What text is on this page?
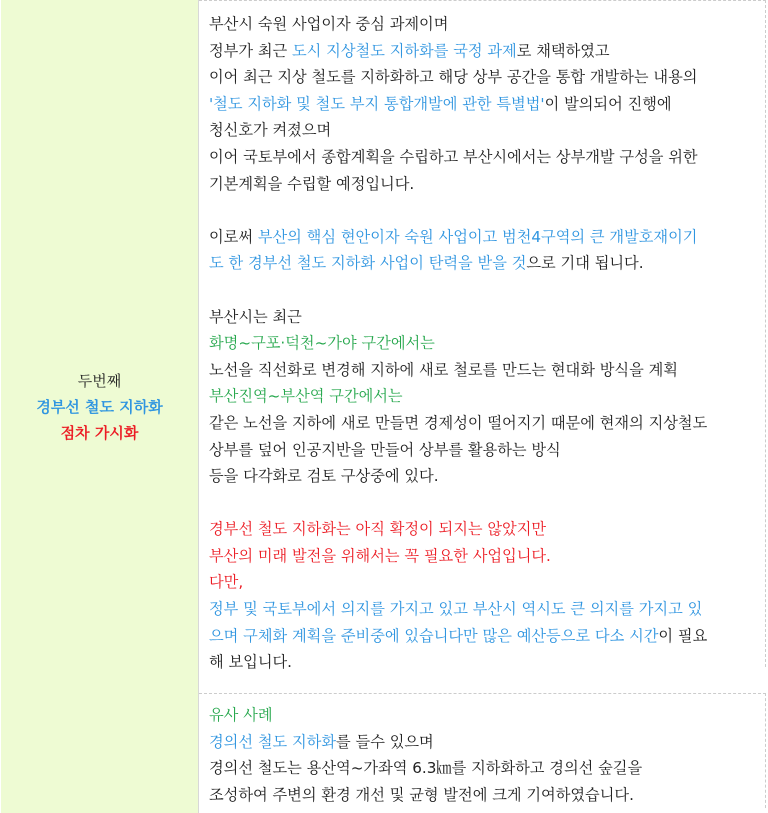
두번째
경부선 철도 지하화
점차 가시화

부산시 숙원 사업이자 중심 과제이며
정부가 최근 도시 지상철도 지하화를 국정 과제로 채택하였고
이어 최근 지상 철도를 지하화하고 해당 상부 공간을 통합 개발하는 내용의
'철도 지하화 및 철도 부지 통합개발에 관한 특별법'이 발의되어 진행에
청신호가 켜졌으며
이어 국토부에서 종합계획을 수립하고 부산시에서는 상부개발 구성을 위한
기본계획을 수립할 예정입니다.
이로써 부산의 핵심 현안이자 숙원 사업이고 범천4구역의 큰 개발호재이기
도 한 경부선 철도 지하화 사업이 탄력을 받을 것으로 기대 됩니다.
부산시는 최근
화명~구포·덕천~가야 구간에서는
노선을 직선화로 변경해 지하에 새로 철로를 만드는 현대화 방식을 계획
부산진역~부산역 구간에서는
같은 노선을 지하에 새로 만들면 경제성이 떨어지기 때문에 현재의 지상철도
상부를 덮어 인공지반을 만들어 상부를 활용하는 방식
등을 다각화로 검토 구상중에 있다.
경부선 철도 지하화는 아직 확정이 되지는 않았지만
부산의 미래 발전을 위해서는 꼭 필요한 사업입니다.
다만,
정부 및 국토부에서 의지를 가지고 있고 부산시 역시도 큰 의지를 가지고 있
으며 구체화 계획을 준비중에 있습니다만 많은 예산등으로 다소 시간이 필요
해 보입니다.

유사 사례
경의선 철도 지하화를 들수 있으며
경의선 철도는 용산역~가좌역 6.3㎞를 지하화하고 경의선 숲길을
조성하여 주변의 환경 개선 및 균형 발전에 크게 기여하였습니다.
